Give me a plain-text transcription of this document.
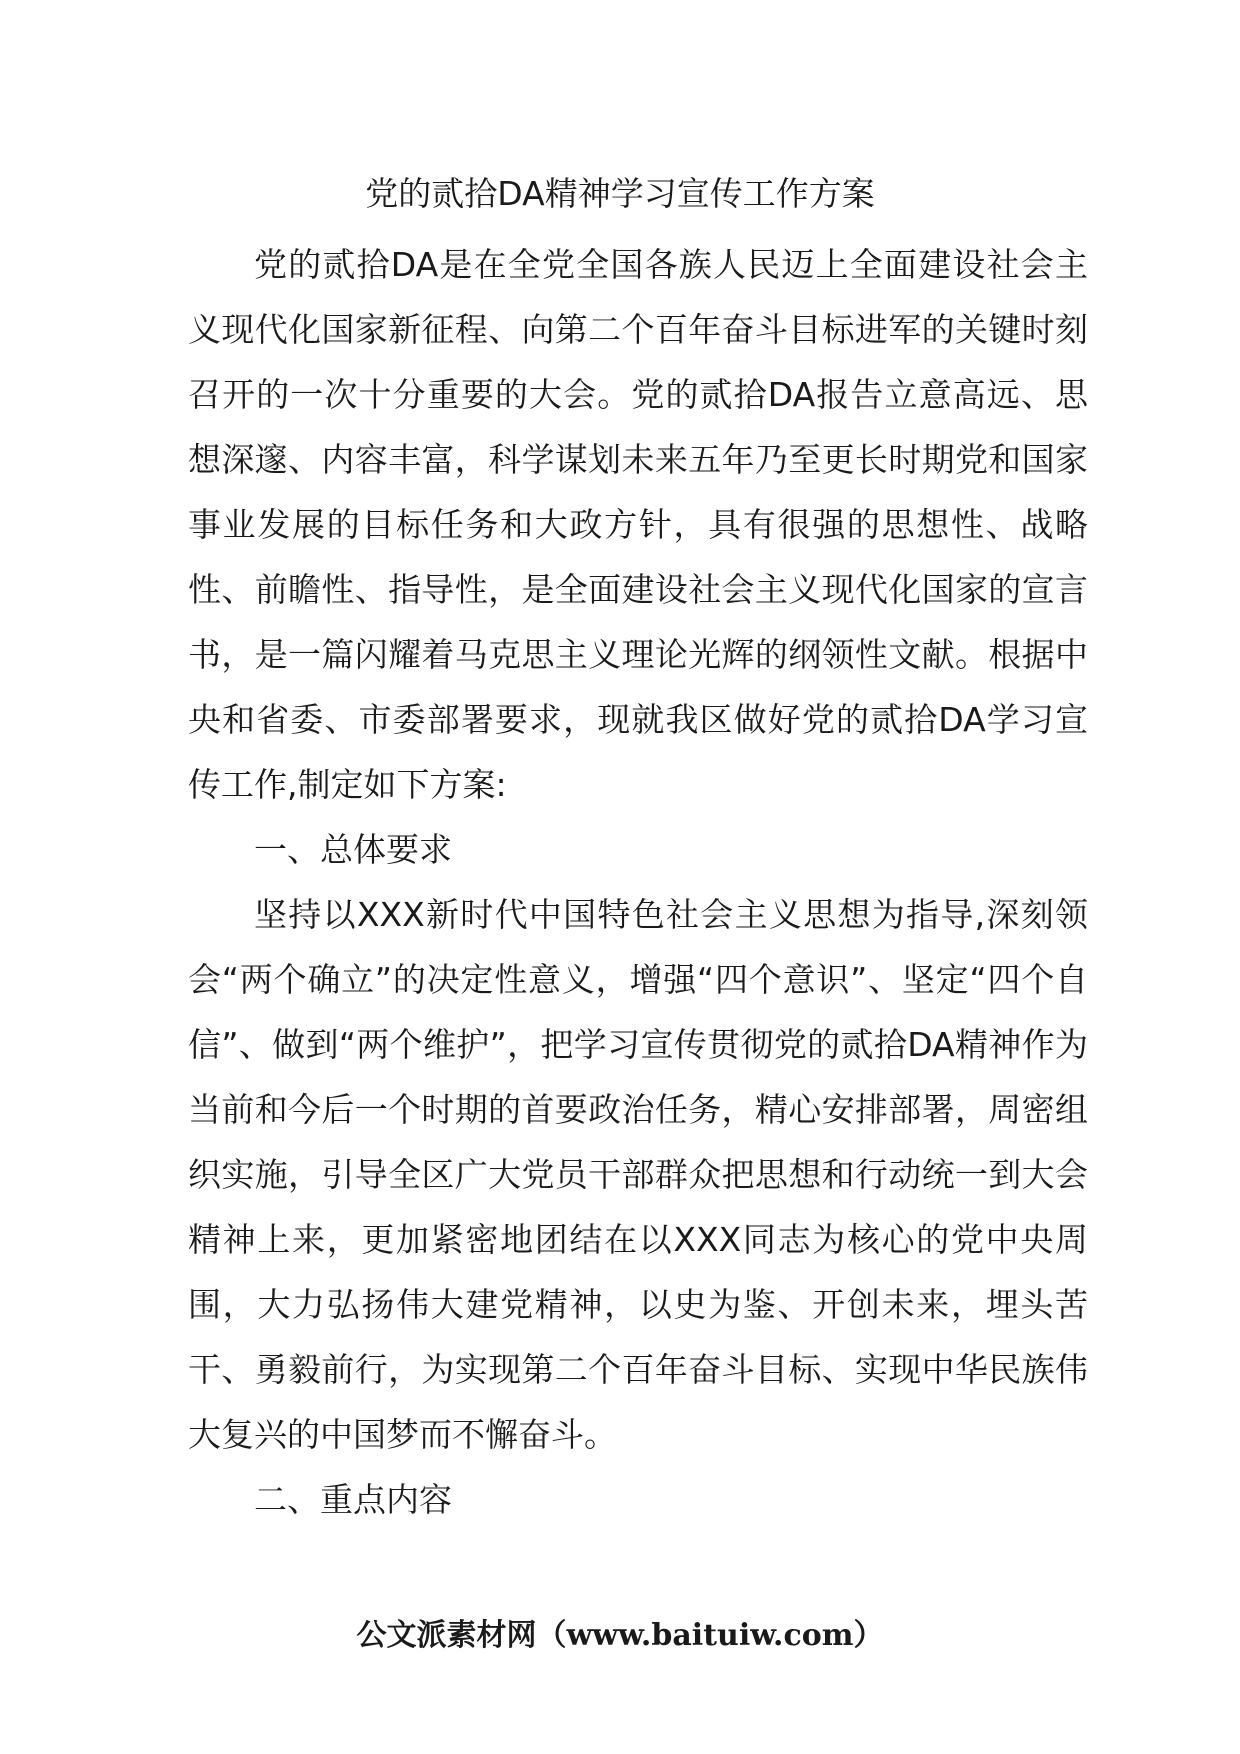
党的贰拾DA精神学习宣传工作方案

党的贰拾DA是在全党全国各族人民迈上全面建设社会主义现代化国家新征程、向第二个百年奋斗目标进军的关键时刻召开的一次十分重要的大会。党的贰拾DA报告立意高远、思想深邃、内容丰富，科学谋划未来五年乃至更长时期党和国家事业发展的目标任务和大政方针，具有很强的思想性、战略性、前瞻性、指导性，是全面建设社会主义现代化国家的宣言书，是一篇闪耀着马克思主义理论光辉的纲领性文献。根据中央和省委、市委部署要求，现就我区做好党的贰拾DA学习宣传工作,制定如下方案:

一、总体要求

坚持以XXX新时代中国特色社会主义思想为指导,深刻领会“两个确立”的决定性意义，增强“四个意识”、坚定“四个自信”、做到“两个维护”，把学习宣传贯彻党的贰拾DA精神作为当前和今后一个时期的首要政治任务，精心安排部署，周密组织实施，引导全区广大党员干部群众把思想和行动统一到大会精神上来，更加紧密地团结在以XXX同志为核心的党中央周围，大力弘扬伟大建党精神，以史为鉴、开创未来，埋头苦干、勇毅前行，为实现第二个百年奋斗目标、实现中华民族伟大复兴的中国梦而不懈奋斗。

二、重点内容

公文派素材网（www.baituiw.com）
